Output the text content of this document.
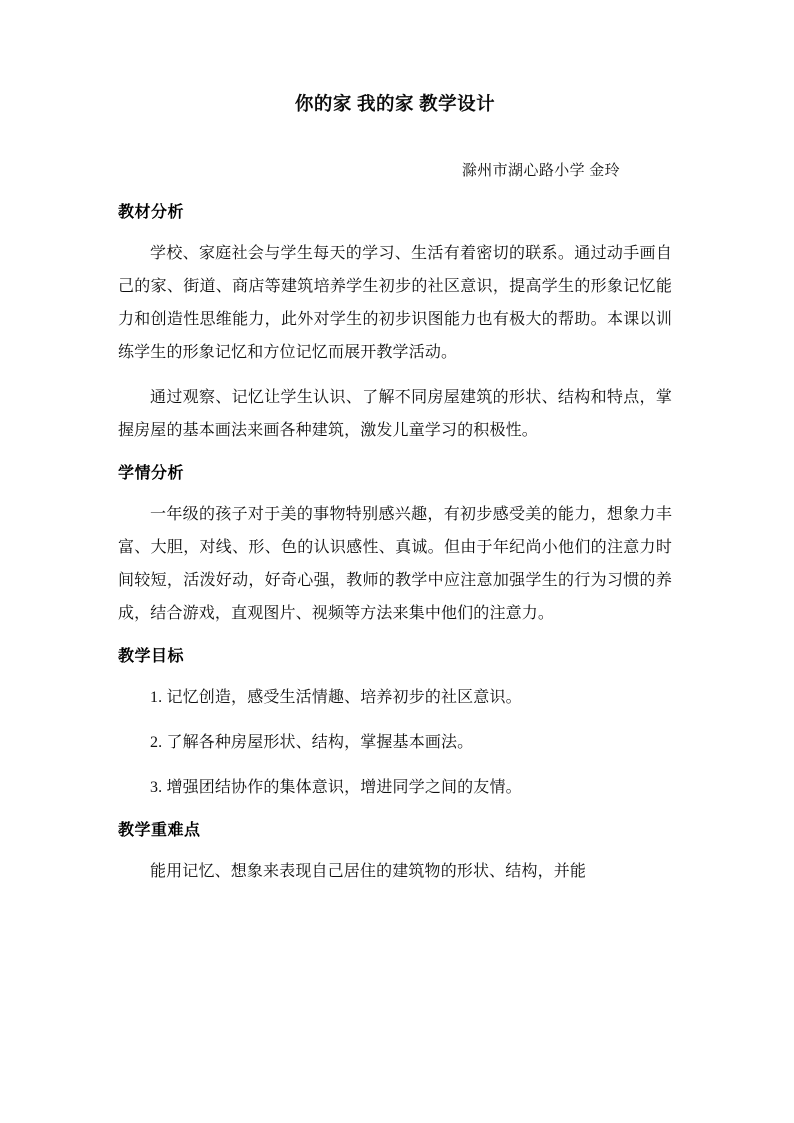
你的家 我的家 教学设计
滁州市湖心路小学 金玲
教材分析

学校、家庭社会与学生每天的学习、生活有着密切的联系。通过动手画自己的家、街道、商店等建筑培养学生初步的社区意识，提高学生的形象记忆能力和创造性思维能力，此外对学生的初步识图能力也有极大的帮助。本课以训练学生的形象记忆和方位记忆而展开教学活动。

通过观察、记忆让学生认识、了解不同房屋建筑的形状、结构和特点，掌握房屋的基本画法来画各种建筑，激发儿童学习的积极性。

学情分析

一年级的孩子对于美的事物特别感兴趣，有初步感受美的能力，想象力丰富、大胆，对线、形、色的认识感性、真诚。但由于年纪尚小他们的注意力时间较短，活泼好动，好奇心强，教师的教学中应注意加强学生的行为习惯的养成，结合游戏，直观图片、视频等方法来集中他们的注意力。

教学目标

1. 记忆创造，感受生活情趣、培养初步的社区意识。

2. 了解各种房屋形状、结构，掌握基本画法。

3. 增强团结协作的集体意识，增进同学之间的友情。

教学重难点

能用记忆、想象来表现自己居住的建筑物的形状、结构，并能
